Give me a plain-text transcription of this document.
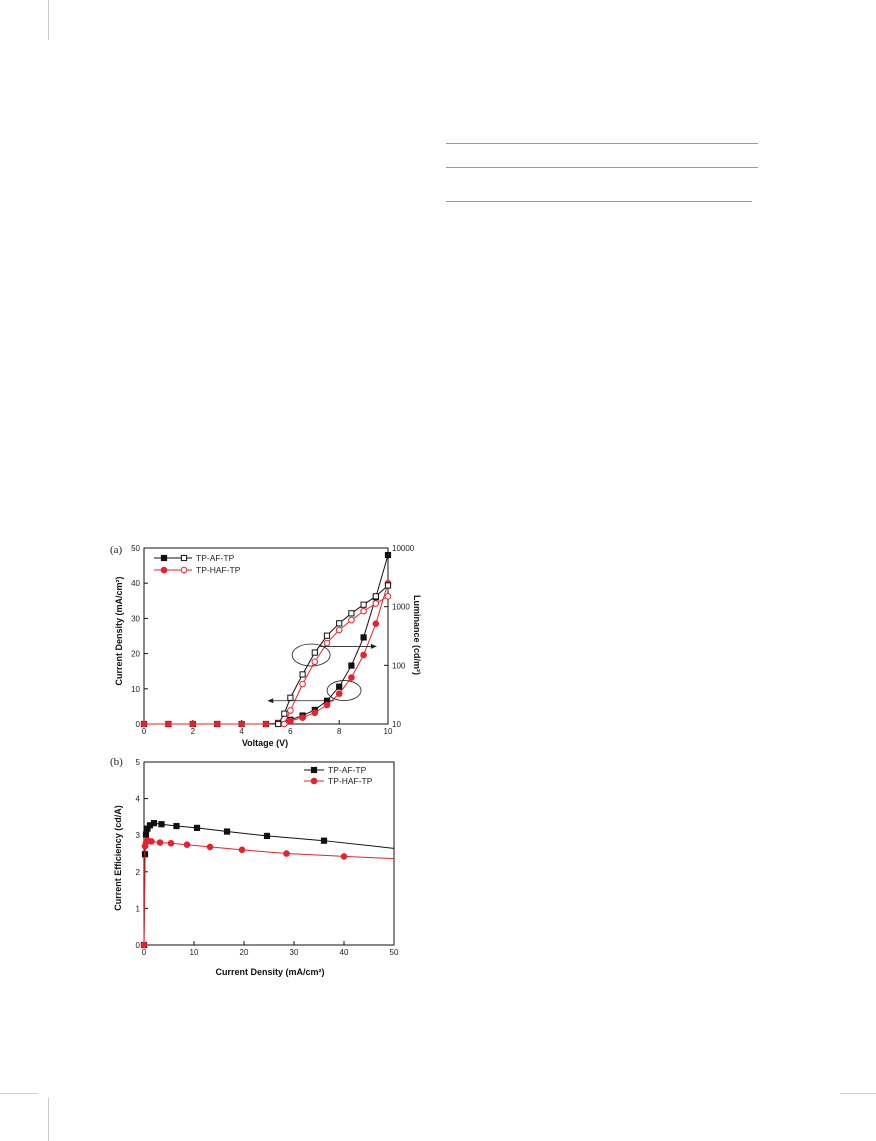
(a)
0	2	4	6	8	10
0
10
20
30
40
50
10
100
1000
10000
TP-AF-TP
TP-HAF-TP
Voltage (V)
Current Density (mA/cm²)	Luminance (cd/m²)
(b)
0	10	20	30	40	50
0
1
2
3
4
5
TP-AF-TP
TP-HAF-TP
Current Density (mA/cm²)
Current Efficiency (cd/A)
